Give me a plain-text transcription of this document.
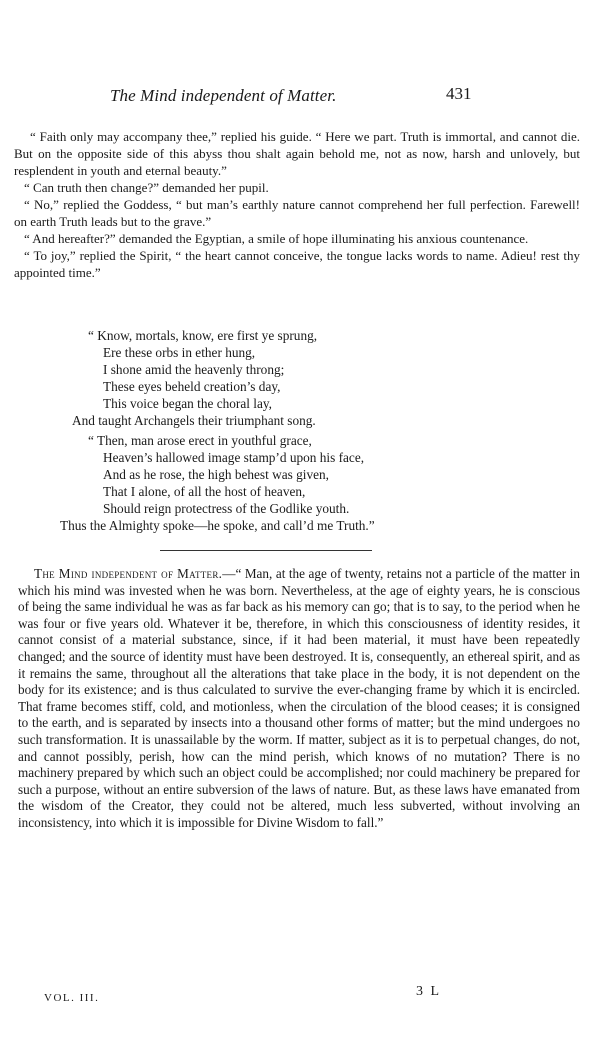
The Mind independent of Matter.	431

“ Faith only may accompany thee,” replied his guide. “ Here we part. Truth is immortal, and cannot die. But on the opposite side of this abyss thou shalt again behold me, not as now, harsh and unlovely, but resplendent in youth and eternal beauty.”

“ Can truth then change?” demanded her pupil.

“ No,” replied the Goddess, “ but man’s earthly nature cannot comprehend her full perfection. Farewell! on earth Truth leads but to the grave.”

“ And hereafter?” demanded the Egyptian, a smile of hope illuminating his anxious countenance.

“ To joy,” replied the Spirit, “ the heart cannot conceive, the tongue lacks words to name. Adieu! rest thy appointed time.”

“ Know, mortals, know, ere first ye sprung,
Ere these orbs in ether hung,
I shone amid the heavenly throng;
These eyes beheld creation’s day,
This voice began the choral lay,
And taught Archangels their triumphant song.
“ Then, man arose erect in youthful grace,
Heaven’s hallowed image stamp’d upon his face,
And as he rose, the high behest was given,
That I alone, of all the host of heaven,
Should reign protectress of the Godlike youth.
Thus the Almighty spoke—he spoke, and call’d me Truth.”

The Mind independent of Matter.—“ Man, at the age of twenty, retains not a particle of the matter in which his mind was invested when he was born. Nevertheless, at the age of eighty years, he is conscious of being the same individual he was as far back as his memory can go; that is to say, to the period when he was four or five years old. Whatever it be, therefore, in which this consciousness of identity resides, it cannot consist of a material substance, since, if it had been material, it must have been repeatedly changed; and the source of identity must have been destroyed. It is, consequently, an ethereal spirit, and as it remains the same, throughout all the alterations that take place in the body, it is not dependent on the body for its existence; and is thus calculated to survive the ever-changing frame by which it is encircled. That frame becomes stiff, cold, and motionless, when the circulation of the blood ceases; it is consigned to the earth, and is separated by insects into a thousand other forms of matter; but the mind undergoes no such transformation. It is unassailable by the worm. If matter, subject as it is to perpetual changes, do not, and cannot possibly, perish, how can the mind perish, which knows of no mutation? There is no machinery prepared by which such an object could be accomplished; nor could machinery be prepared for such a purpose, without an entire subversion of the laws of nature. But, as these laws have emanated from the wisdom of the Creator, they could not be altered, much less subverted, without involving an inconsistency, into which it is impossible for Divine Wisdom to fall.”

VOL. III.	3 L
